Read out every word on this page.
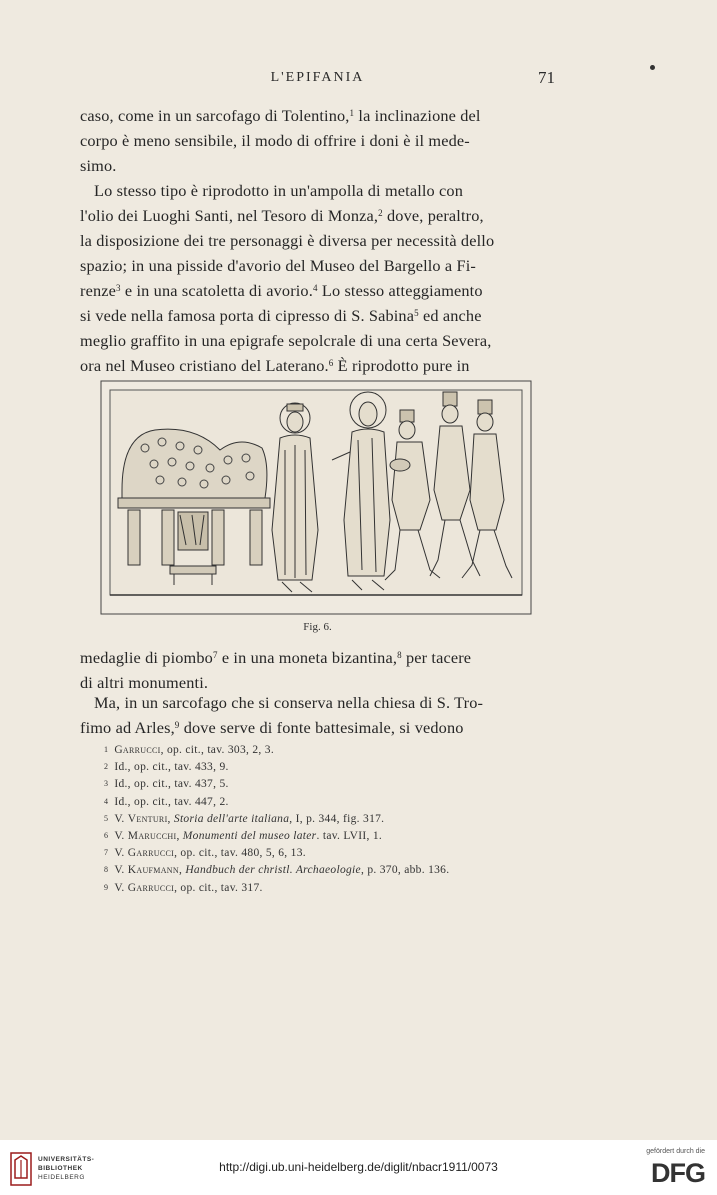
L'EPIFANIA	71

caso, come in un sarcofago di Tolentino,$^1$ la inclinazione del
corpo è meno sensibile, il modo di offrire i doni è il mede-
simo.

Lo stesso tipo è riprodotto in un'ampolla di metallo con
l'olio dei Luoghi Santi, nel Tesoro di Monza,$^2$ dove, peraltro,
la disposizione dei tre personaggi è diversa per necessità dello
spazio; in una pisside d'avorio del Museo del Bargello a Fi-
renze$^3$ e in una scatoletta di avorio.$^4$ Lo stesso atteggiamento
si vede nella famosa porta di cipresso di S. Sabina$^5$ ed anche
meglio graffito in una epigrafe sepolcrale di una certa Severa,
ora nel Museo cristiano del Laterano.$^6$ È riprodotto pure in

Fig. 6.

medaglie di piombo$^7$ e in una moneta bizantina,$^8$ per tacere
di altri monumenti.

Ma, in un sarcofago che si conserva nella chiesa di S. Tro-
fimo ad Arles,$^9$ dove serve di fonte battesimale, si vedono

$^1$ Garrucci, op. cit., tav. 303, 2, 3.
$^2$ Id., op. cit., tav. 433, 9.
$^3$ Id., op. cit., tav. 437, 5.
$^4$ Id., op. cit., tav. 447, 2.
$^5$ V. Venturi, Storia dell'arte italiana, I, p. 344, fig. 317.
$^6$ V. Marucchi, Monumenti del museo later. tav. LVII, 1.
$^7$ V. Garrucci, op. cit., tav. 480, 5, 6, 13.
$^8$ V. Kaufmann, Handbuch der christl. Archaeologie, p. 370, abb. 136.
$^9$ V. Garrucci, op. cit., tav. 317.
UNIVERSITÄTS-
BIBLIOTHEK
HEIDELBERG
http://digi.ub.uni-heidelberg.de/diglit/nbacr1911/0073
gefördert durch die
DFG
